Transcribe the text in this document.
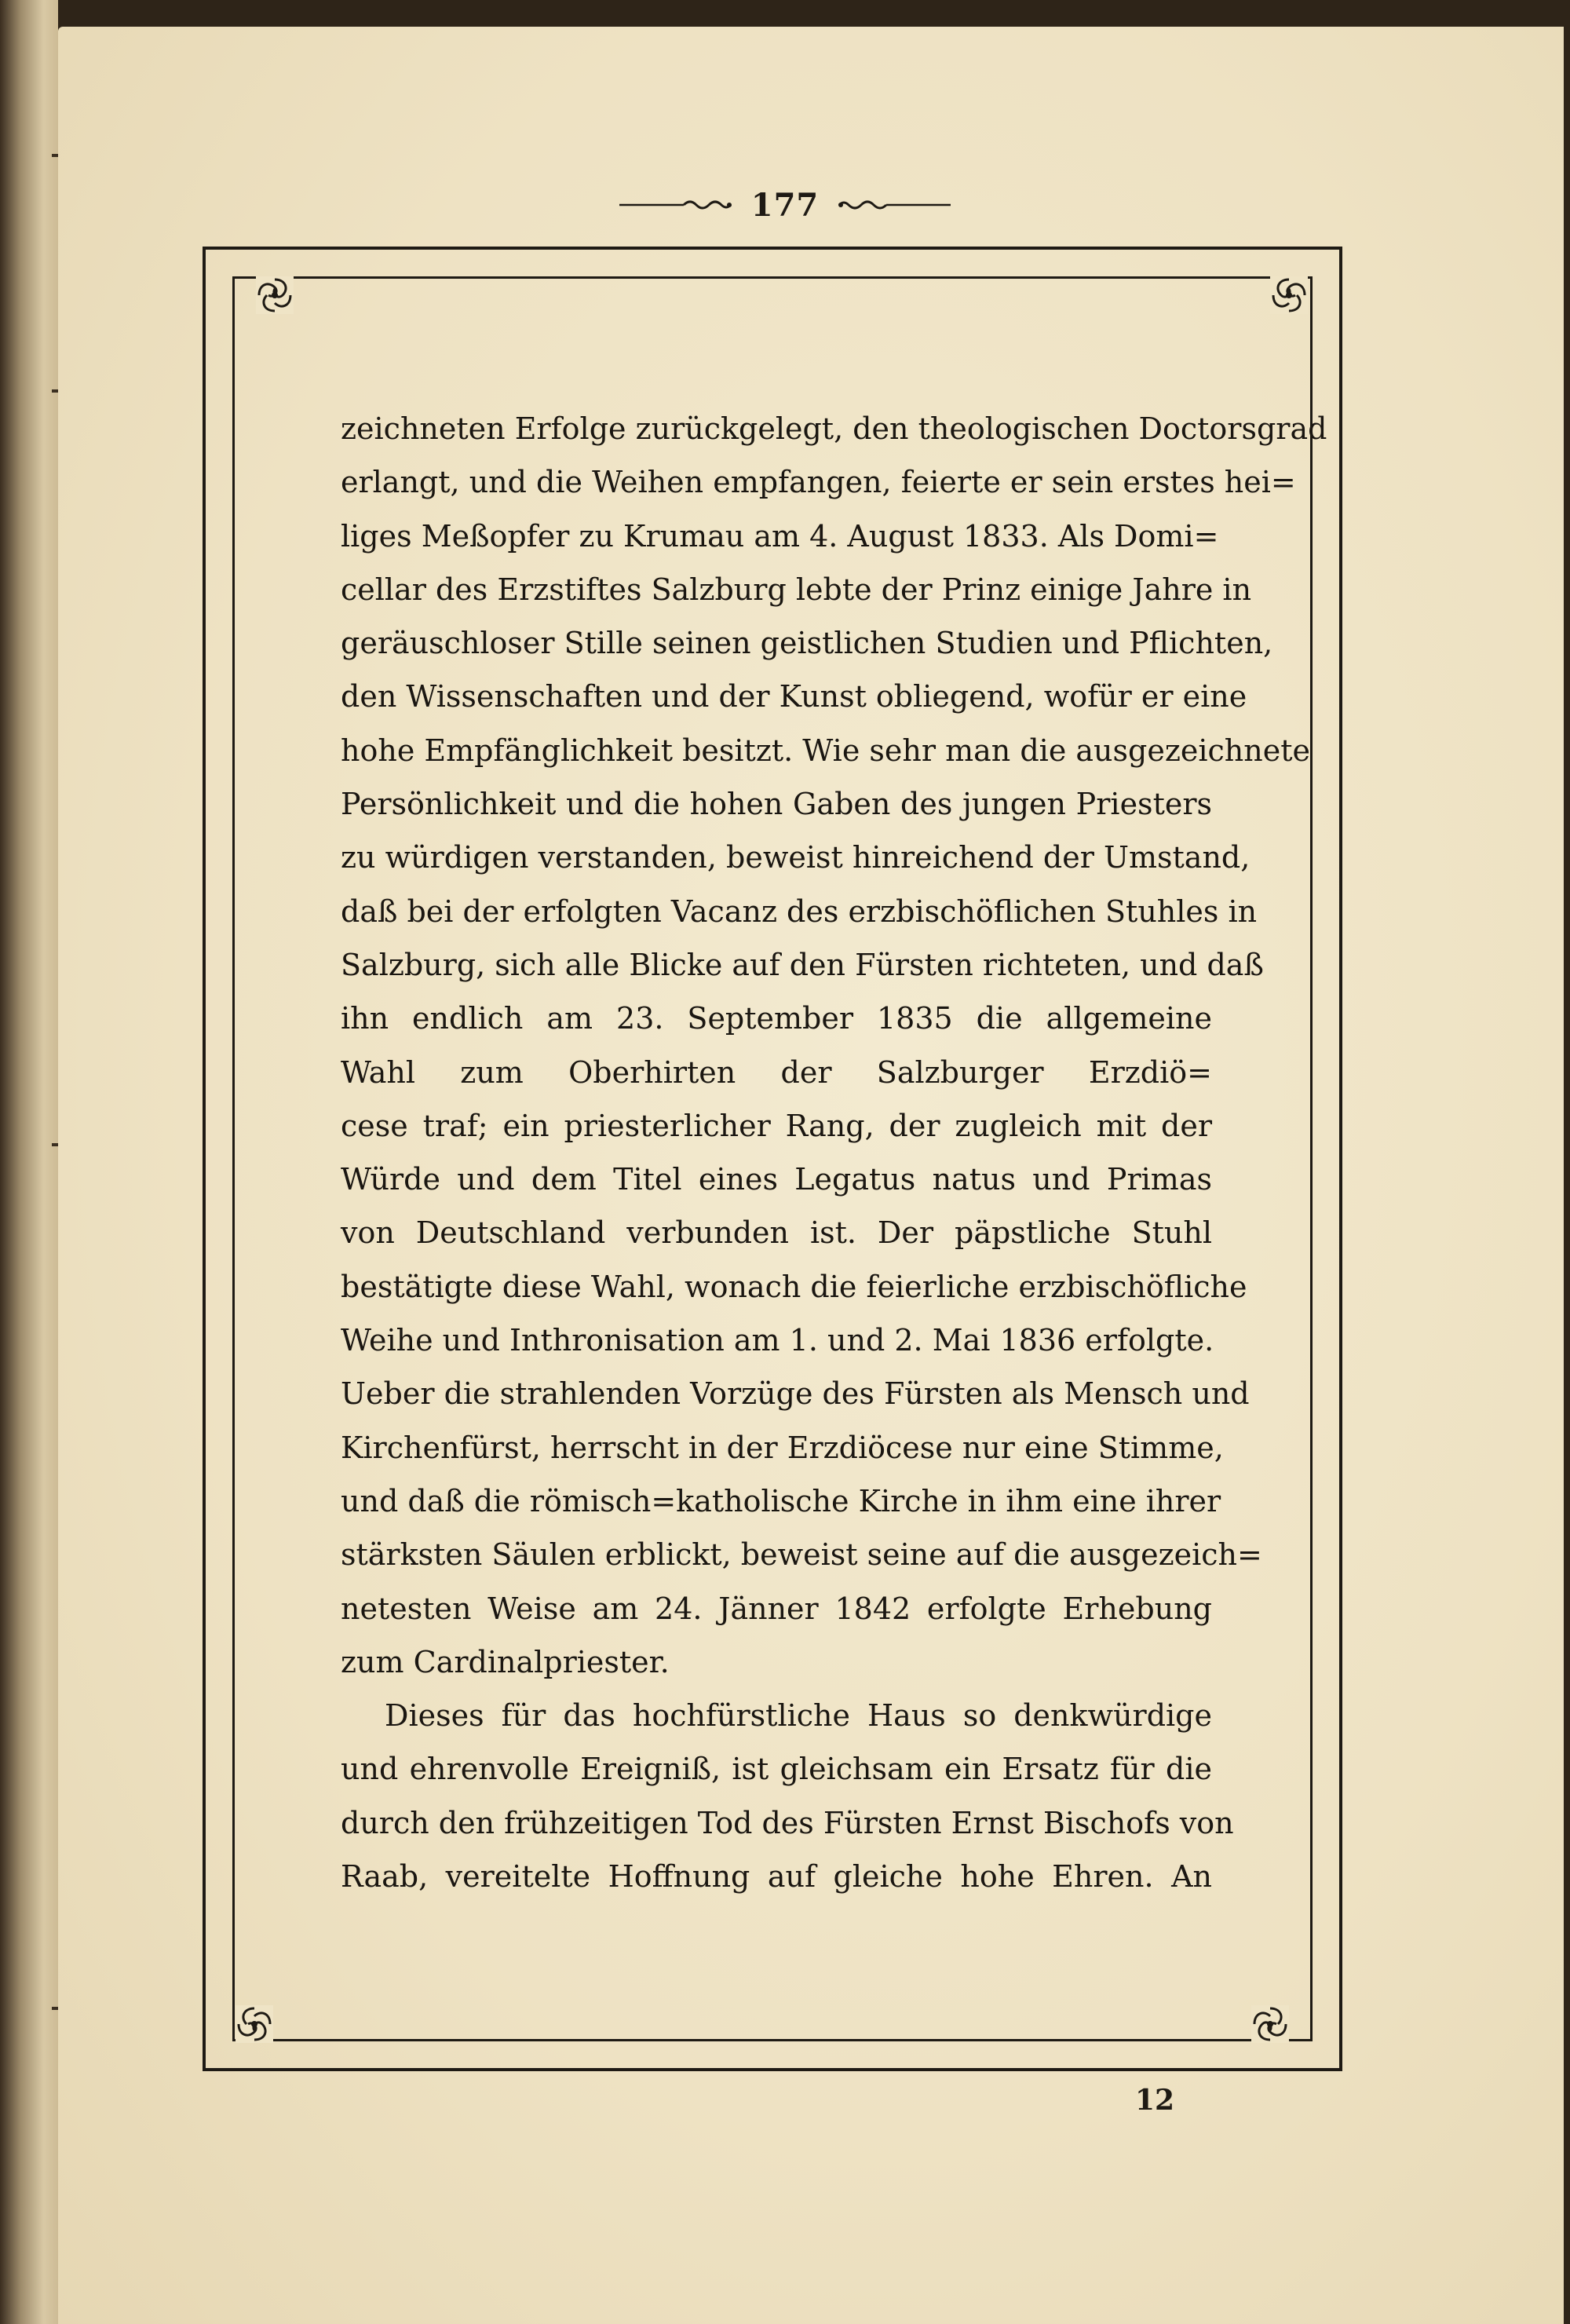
177
zeichneten Erfolge zurückgelegt, den theologischen Doctorsgrad
erlangt, und die Weihen empfangen, feierte er sein erstes hei=
liges Meßopfer zu Krumau am 4. August 1833. Als Domi=
cellar des Erzstiftes Salzburg lebte der Prinz einige Jahre in
geräuschloser Stille seinen geistlichen Studien und Pflichten,
den Wissenschaften und der Kunst obliegend, wofür er eine
hohe Empfänglichkeit besitzt. Wie sehr man die ausgezeichnete
Persönlichkeit und die hohen Gaben des jungen Priesters
zu würdigen verstanden, beweist hinreichend der Umstand,
daß bei der erfolgten Vacanz des erzbischöflichen Stuhles in
Salzburg, sich alle Blicke auf den Fürsten richteten, und daß
ihn endlich am 23. September 1835 die allgemeine
Wahl zum Oberhirten der Salzburger Erzdiö=
cese traf; ein priesterlicher Rang, der zugleich mit der
Würde und dem Titel eines Legatus natus und Primas
von Deutschland verbunden ist. Der päpstliche Stuhl
bestätigte diese Wahl, wonach die feierliche erzbischöfliche
Weihe und Inthronisation am 1. und 2. Mai 1836 erfolgte.
Ueber die strahlenden Vorzüge des Fürsten als Mensch und
Kirchenfürst, herrscht in der Erzdiöcese nur eine Stimme,
und daß die römisch=katholische Kirche in ihm eine ihrer
stärksten Säulen erblickt, beweist seine auf die ausgezeich=
netesten Weise am 24. Jänner 1842 erfolgte Erhebung
zum Cardinalpriester.
Dieses für das hochfürstliche Haus so denkwürdige
und ehrenvolle Ereigniß, ist gleichsam ein Ersatz für die
durch den frühzeitigen Tod des Fürsten Ernst Bischofs von
Raab, vereitelte Hoffnung auf gleiche hohe Ehren. An
12
